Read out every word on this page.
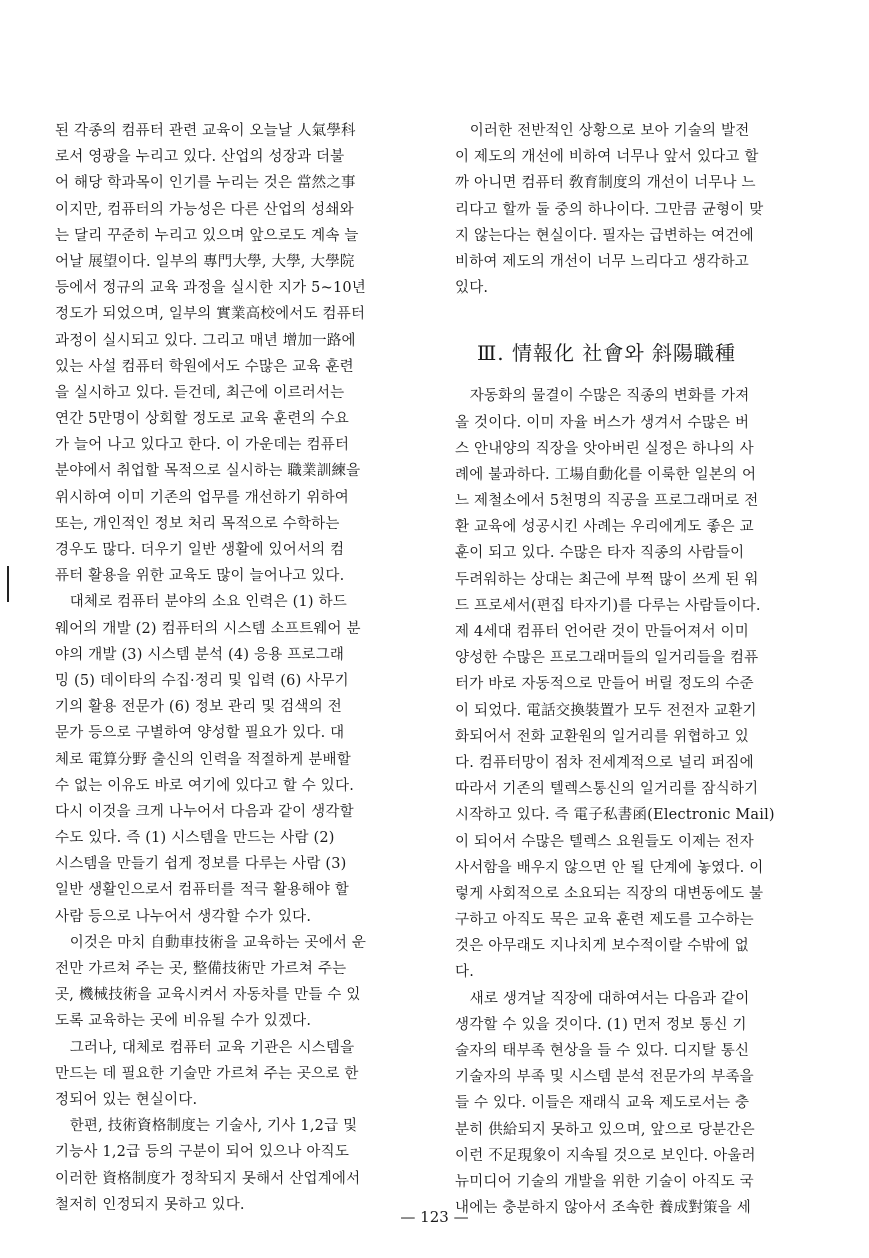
된 각종의 컴퓨터 관련 교육이 오늘날 人氣學科
로서 영광을 누리고 있다. 산업의 성장과 더불
어 해당 학과목이 인기를 누리는 것은 當然之事
이지만, 컴퓨터의 가능성은 다른 산업의 성쇄와
는 달리 꾸준히 누리고 있으며 앞으로도 계속 늘
어날 展望이다. 일부의 專門大學, 大學, 大學院
등에서 정규의 교육 과정을 실시한 지가 5~10년
정도가 되었으며, 일부의 實業高校에서도 컴퓨터
과정이 실시되고 있다. 그리고 매년 增加一路에
있는 사설 컴퓨터 학원에서도 수많은 교육 훈련
을 실시하고 있다. 듣건데, 최근에 이르러서는
연간 5만명이 상회할 정도로 교육 훈련의 수요
가 늘어 나고 있다고 한다. 이 가운데는 컴퓨터
분야에서 취업할 목적으로 실시하는 職業訓練을
위시하여 이미 기존의 업무를 개선하기 위하여
또는, 개인적인 정보 처리 목적으로 수학하는
경우도 많다. 더우기 일반 생활에 있어서의 컴
퓨터 활용을 위한 교육도 많이 늘어나고 있다.
　대체로 컴퓨터 분야의 소요 인력은 (1) 하드
웨어의 개발 (2) 컴퓨터의 시스템 소프트웨어 분
야의 개발 (3) 시스템 분석 (4) 응용 프로그래
밍 (5) 데이타의 수집·정리 및 입력 (6) 사무기
기의 활용 전문가 (6) 정보 관리 및 검색의 전
문가 등으로 구별하여 양성할 필요가 있다. 대
체로 電算分野 출신의 인력을 적절하게 분배할
수 없는 이유도 바로 여기에 있다고 할 수 있다.
다시 이것을 크게 나누어서 다음과 같이 생각할
수도 있다. 즉 (1) 시스템을 만드는 사람 (2)
시스템을 만들기 쉽게 정보를 다루는 사람 (3)
일반 생활인으로서 컴퓨터를 적극 활용해야 할
사람 등으로 나누어서 생각할 수가 있다.
　이것은 마치 自動車技術을 교육하는 곳에서 운
전만 가르쳐 주는 곳, 整備技術만 가르쳐 주는
곳, 機械技術을 교육시켜서 자동차를 만들 수 있
도록 교육하는 곳에 비유될 수가 있겠다.
　그러나, 대체로 컴퓨터 교육 기관은 시스템을
만드는 데 필요한 기술만 가르쳐 주는 곳으로 한
정되어 있는 현실이다.
　한편, 技術資格制度는 기술사, 기사 1,2급 및
기능사 1,2급 등의 구분이 되어 있으나 아직도
이러한 資格制度가 정착되지 못해서 산업계에서
철저히 인정되지 못하고 있다.
　이러한 전반적인 상황으로 보아 기술의 발전
이 제도의 개선에 비하여 너무나 앞서 있다고 할
까 아니면 컴퓨터 敎育制度의 개선이 너무나 느
리다고 할까 둘 중의 하나이다. 그만큼 균형이 맞
지 않는다는 현실이다. 필자는 급변하는 여건에
비하여 제도의 개선이 너무 느리다고 생각하고
있다.
Ⅲ. 情報化 社會와 斜陽職種
　자동화의 물결이 수많은 직종의 변화를 가져
올 것이다. 이미 자율 버스가 생겨서 수많은 버
스 안내양의 직장을 앗아버린 실정은 하나의 사
례에 불과하다. 工場自動化를 이룩한 일본의 어
느 제철소에서 5천명의 직공을 프로그래머로 전
환 교육에 성공시킨 사례는 우리에게도 좋은 교
훈이 되고 있다. 수많은 타자 직종의 사람들이
두려워하는 상대는 최근에 부쩍 많이 쓰게 된 워
드 프로세서(편집 타자기)를 다루는 사람들이다.
제 4세대 컴퓨터 언어란 것이 만들어져서 이미
양성한 수많은 프로그래머들의 일거리들을 컴퓨
터가 바로 자동적으로 만들어 버릴 정도의 수준
이 되었다. 電話交換裝置가 모두 전전자 교환기
화되어서 전화 교환원의 일거리를 위협하고 있
다. 컴퓨터망이 점차 전세계적으로 널리 퍼짐에
따라서 기존의 텔렉스통신의 일거리를 잠식하기
시작하고 있다. 즉 電子私書函(Electronic Mail)
이 되어서 수많은 텔렉스 요원들도 이제는 전자
사서함을 배우지 않으면 안 될 단계에 놓였다. 이
렇게 사회적으로 소요되는 직장의 대변동에도 불
구하고 아직도 묵은 교육 훈련 제도를 고수하는
것은 아무래도 지나치게 보수적이랄 수밖에 없
다.
　새로 생겨날 직장에 대하여서는 다음과 같이
생각할 수 있을 것이다. (1) 먼저 정보 통신 기
술자의 태부족 현상을 들 수 있다. 디지탈 통신
기술자의 부족 및 시스템 분석 전문가의 부족을
들 수 있다. 이들은 재래식 교육 제도로서는 충
분히 供給되지 못하고 있으며, 앞으로 당분간은
이런 不足現象이 지속될 것으로 보인다. 아울러
뉴미디어 기술의 개발을 위한 기술이 아직도 국
내에는 충분하지 않아서 조속한 養成對策을 세
— 123 —
